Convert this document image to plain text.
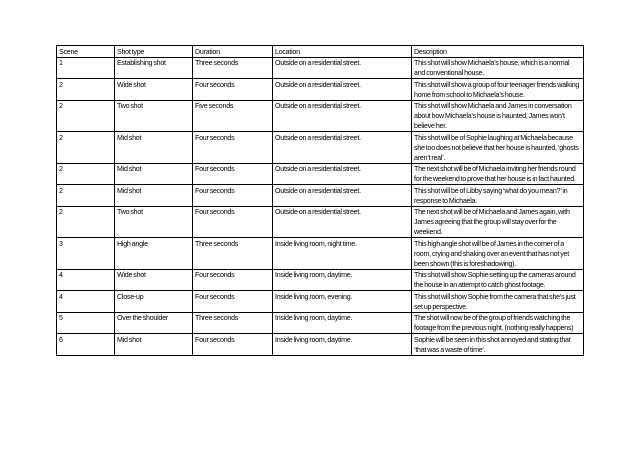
Scene	Shot type	Duration	Location	Description
1	Establishing shot	Three seconds	Outside on a residential street.	This shot will show Michaela’s house, which is a normal and conventional house.
2	Wide shot	Four seconds	Outside on a residential street.	This shot will show a group of four teenager friends walking home from school to Michaela’s house.
2	Two shot	Five seconds	Outside on a residential street.	This shot will show Michaela and James in conversation about how Michaela’s house is haunted, James won’t believe her.
2	Mid shot	Four seconds	Outside on a residential street.	This shot will be of Sophie laughing at Michaela because she too does not believe that her house is haunted, ‘ghosts aren’t real’.
2	Mid shot	Four seconds	Outside on a residential street.	The next shot will be of Michaela inviting her friends round for the weekend to prove that her house is in fact haunted.
2	Mid shot	Four seconds	Outside on a residential street.	This shot will be of Libby saying ‘what do you mean?’ in response to Michaela.
2	Two shot	Four seconds	Outside on a residential street.	The next shot will be of Michaela and James again, with James agreeing that the group will stay over for the weekend.
3	High angle	Three seconds	Inside living room, night time.	This high angle shot will be of James in the corner of a room, crying and shaking over an event that has not yet been shown (this is foreshadowing).
4	Wide shot	Four seconds	Inside living room, daytime.	This shot will show Sophie setting up the cameras around the house in an attempt to catch ghost footage.
4	Close-up	Four seconds	Inside living room, evening.	This shot will show Sophie from the camera that she’s just set up perspective.
5	Over the shoulder	Three seconds	Inside living room, daytime.	The shot will now be of the group of friends watching the footage from the previous night. (nothing really happens)
6	Mid shot	Four seconds	Inside living room, daytime.	Sophie will be seen in this shot annoyed and stating that ‘that was a waste of time’.
